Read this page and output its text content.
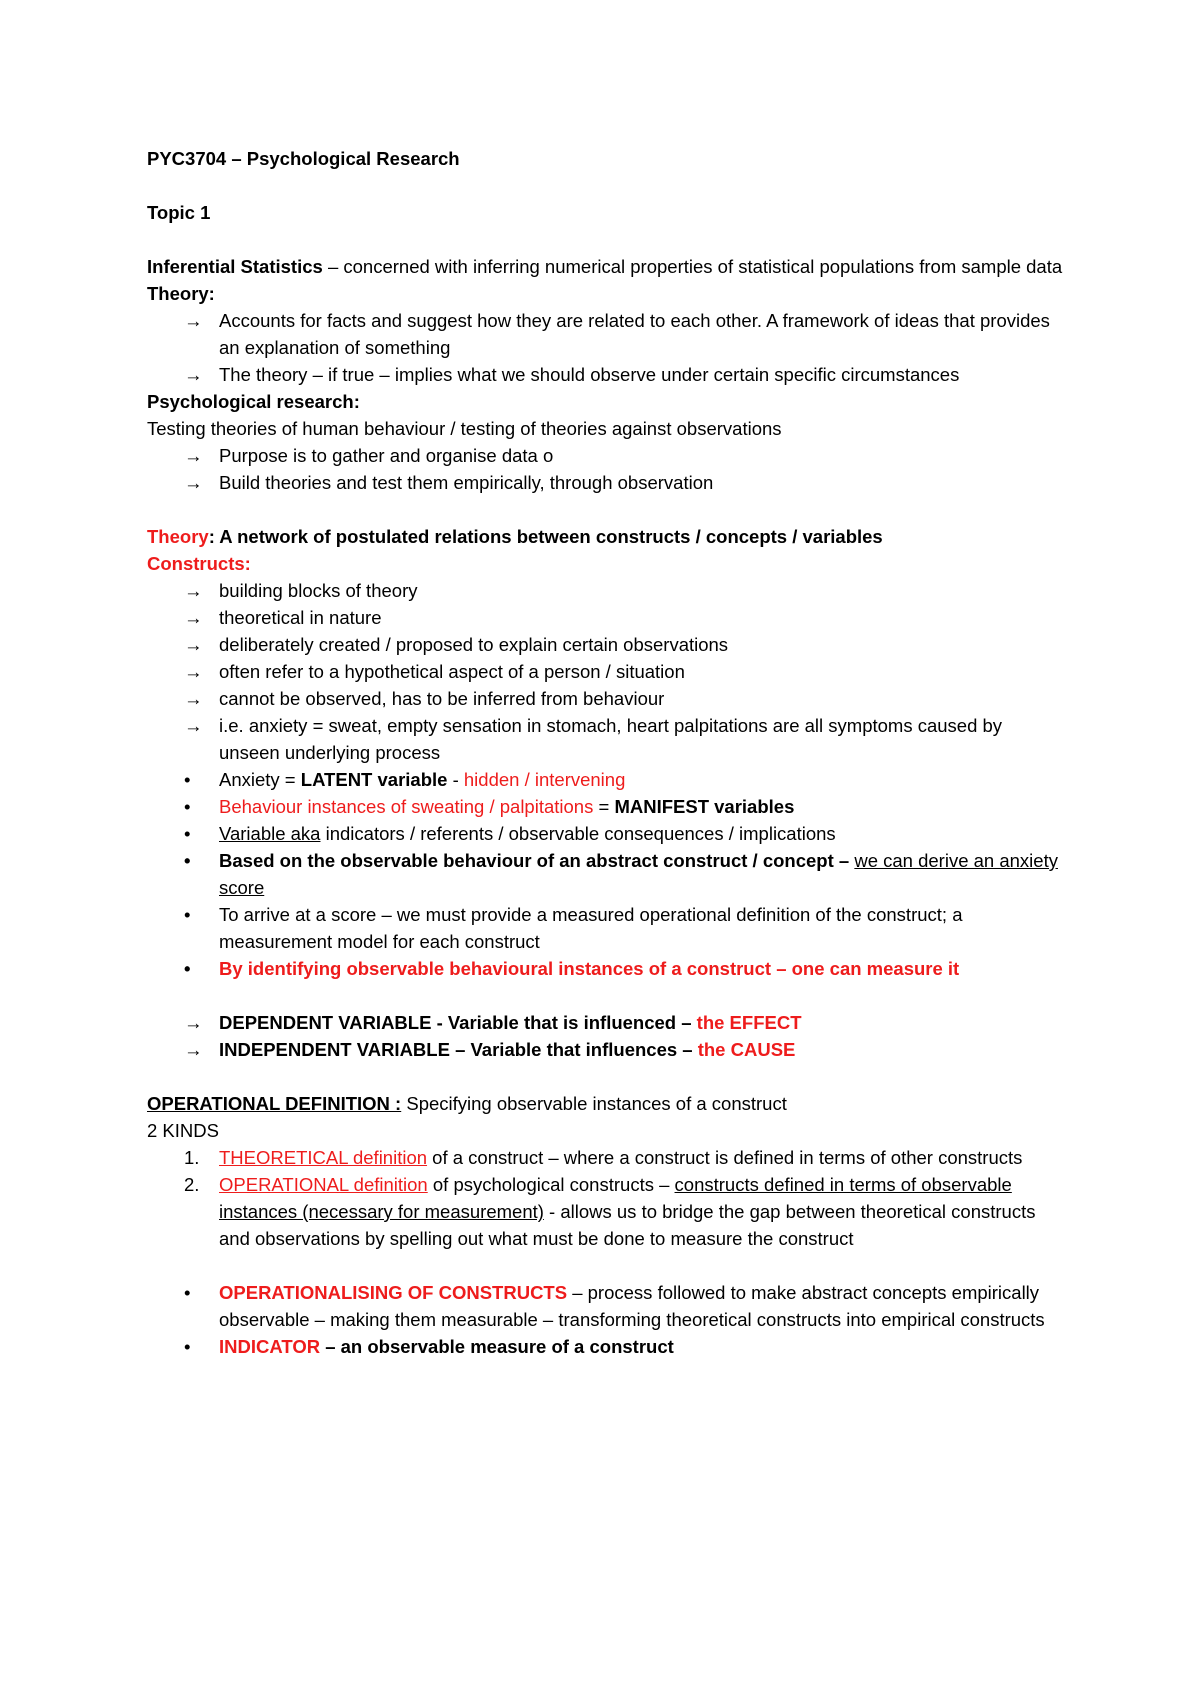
PYC3704 – Psychological Research

Topic 1

Inferential Statistics – concerned with inferring numerical properties of statistical populations from sample data

Theory:

→ Accounts for facts and suggest how they are related to each other. A framework of ideas that provides an explanation of something
→ The theory – if true – implies what we should observe under certain specific circumstances

Psychological research:

Testing theories of human behaviour / testing of theories against observations

→ Purpose is to gather and organise data o
→ Build theories and test them empirically, through observation

Theory: A network of postulated relations between constructs / concepts / variables

Constructs:

→ building blocks of theory
→ theoretical in nature
→ deliberately created / proposed to explain certain observations
→ often refer to a hypothetical aspect of a person / situation
→ cannot be observed, has to be inferred from behaviour
→ i.e. anxiety = sweat, empty sensation in stomach, heart palpitations are all symptoms caused by unseen underlying process
•	Anxiety = LATENT variable - hidden / intervening
•	Behaviour instances of sweating / palpitations = MANIFEST variables
•	Variable aka indicators / referents / observable consequences / implications
•	Based on the observable behaviour of an abstract construct / concept – we can derive an anxiety score
•	To arrive at a score – we must provide a measured operational definition of the construct; a measurement model for each construct
•	By identifying observable behavioural instances of a construct – one can measure it
→ DEPENDENT VARIABLE - Variable that is influenced – the EFFECT
→ INDEPENDENT VARIABLE – Variable that influences – the CAUSE

OPERATIONAL DEFINITION : Specifying observable instances of a construct

2 KINDS

1.	THEORETICAL definition of a construct – where a construct is defined in terms of other constructs
2.	OPERATIONAL definition of psychological constructs – constructs defined in terms of observable instances (necessary for measurement) - allows us to bridge the gap between theoretical constructs and observations by spelling out what must be done to measure the construct
•	OPERATIONALISING OF CONSTRUCTS – process followed to make abstract concepts empirically observable – making them measurable – transforming theoretical constructs into empirical constructs
•	INDICATOR – an observable measure of a construct
